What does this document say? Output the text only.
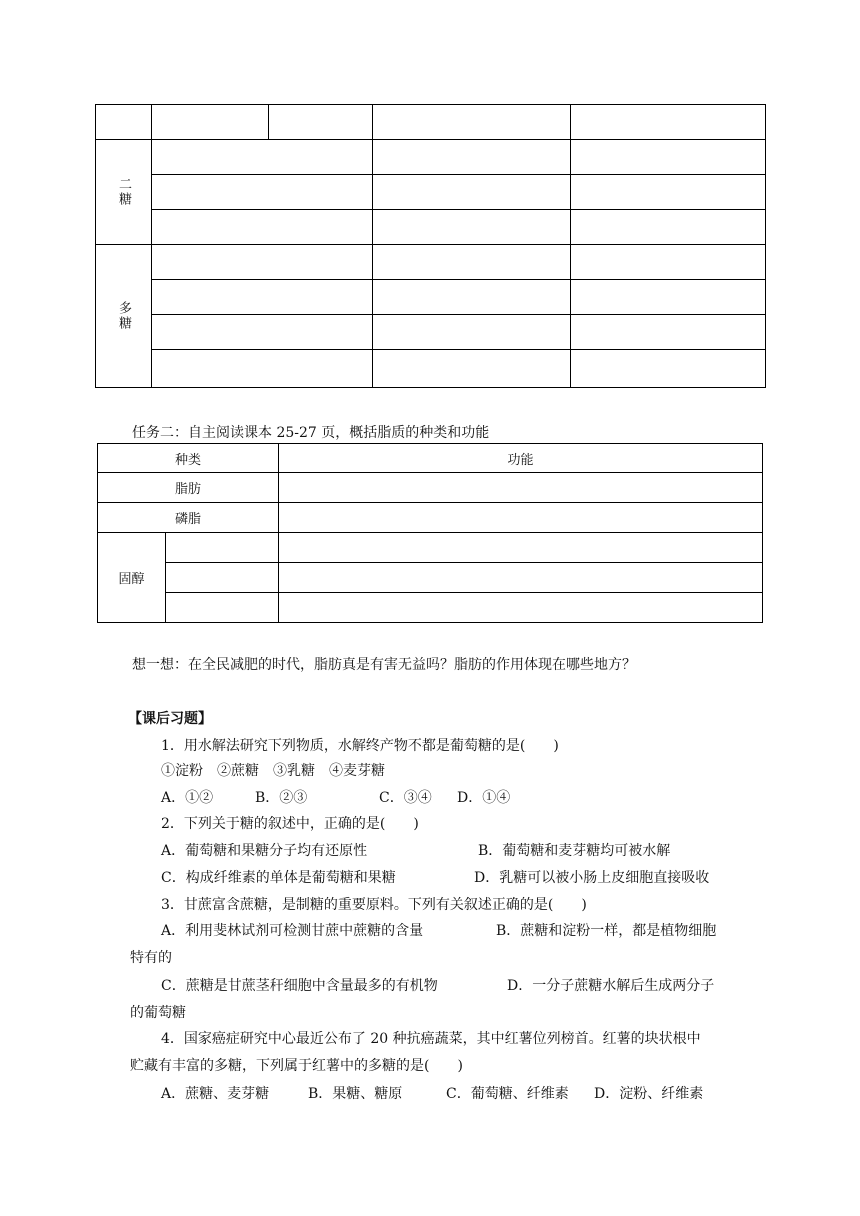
二糖				

多糖				

任务二：自主阅读课本 25-27 页，概括脂质的种类和功能
种类		功能
脂肪		
磷脂		
固醇		

想一想：在全民减肥的时代，脂肪真是有害无益吗？脂肪的作用体现在哪些地方？
【课后习题】
1．用水解法研究下列物质，水解终产物不都是葡萄糖的是(　　)
①淀粉　②蔗糖　③乳糖　④麦芽糖
A．①②	B．②③	C．③④ D．①④
2．下列关于糖的叙述中，正确的是(　　)
A．葡萄糖和果糖分子均有还原性	B．葡萄糖和麦芽糖均可被水解
C．构成纤维素的单体是葡萄糖和果糖	D．乳糖可以被小肠上皮细胞直接吸收
3．甘蔗富含蔗糖，是制糖的重要原料。下列有关叙述正确的是(　　)
A．利用斐林试剂可检测甘蔗中蔗糖的含量	B．蔗糖和淀粉一样，都是植物细胞
特有的
C．蔗糖是甘蔗茎秆细胞中含量最多的有机物	D．一分子蔗糖水解后生成两分子
的葡萄糖
4．国家癌症研究中心最近公布了 20 种抗癌蔬菜，其中红薯位列榜首。红薯的块状根中
贮藏有丰富的多糖，下列属于红薯中的多糖的是(　　)
A．蔗糖、麦芽糖	B．果糖、糖原	C．葡萄糖、纤维素 D．淀粉、纤维素
